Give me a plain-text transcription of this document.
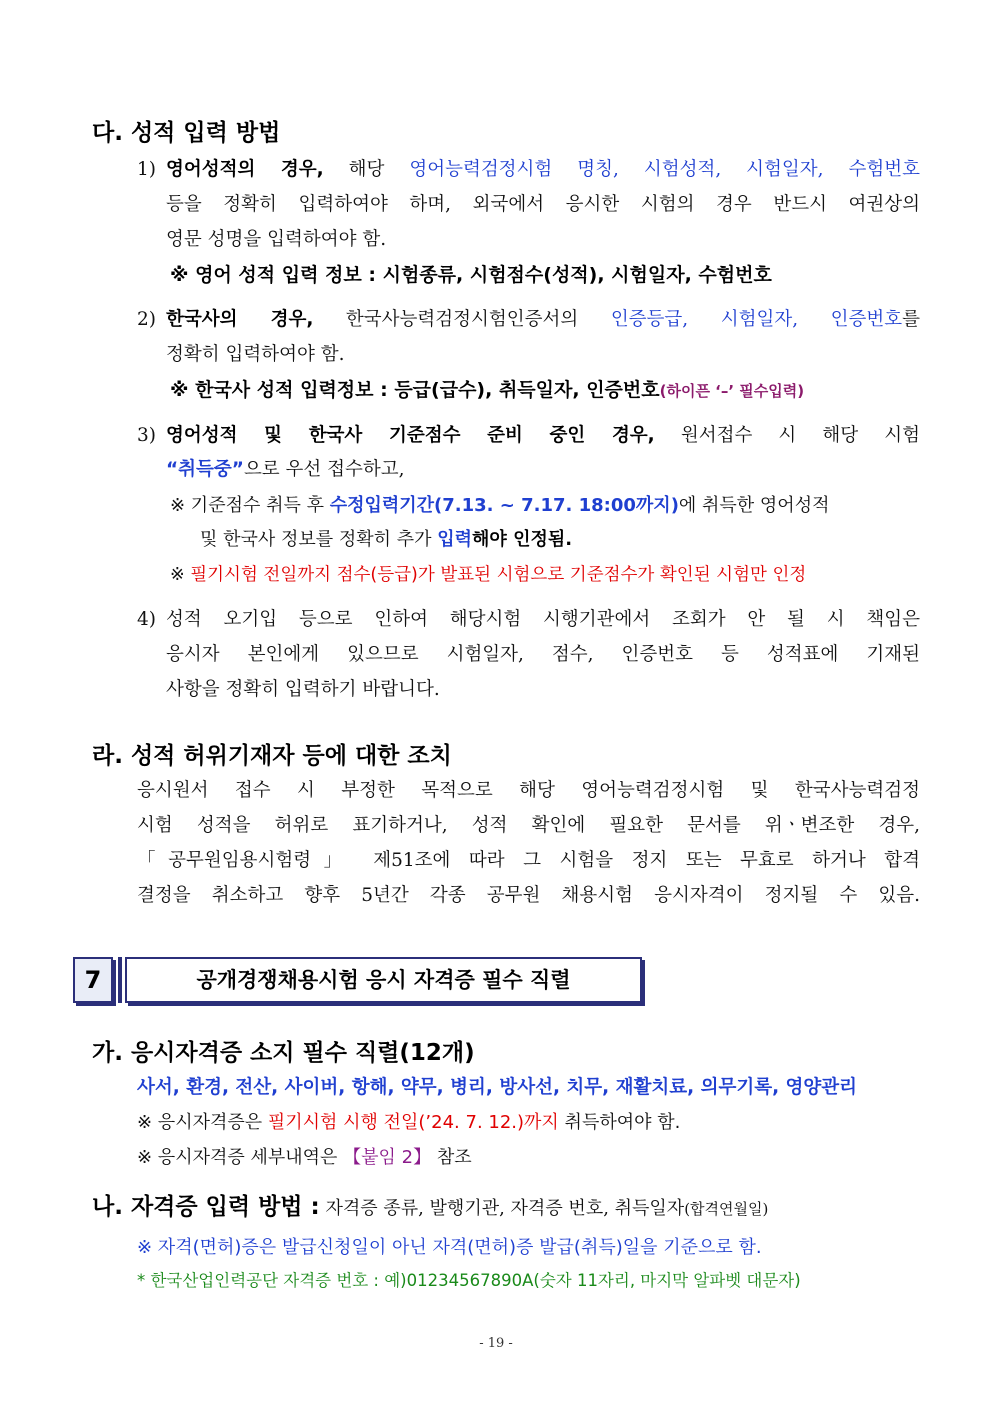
다. 성적 입력 방법
1) 영어성적의 경우, 해당 영어능력검정시험 명칭, 시험성적, 시험일자, 수험번호
등을 정확히 입력하여야 하며, 외국에서 응시한 시험의 경우 반드시 여권상의
영문 성명을 입력하여야 함.
※ 영어 성적 입력 정보 : 시험종류, 시험점수(성적), 시험일자, 수험번호
2) 한국사의 경우, 한국사능력검정시험인증서의 인증등급, 시험일자, 인증번호를
정확히 입력하여야 함.
※ 한국사 성적 입력정보 : 등급(급수), 취득일자, 인증번호(하이픈 ‘–’ 필수입력)
3) 영어성적 및 한국사 기준점수 준비 중인 경우, 원서접수 시 해당 시험
“취득중”으로 우선 접수하고,
※ 기준점수 취득 후 수정입력기간(7.13. ~ 7.17. 18:00까지)에 취득한 영어성적
및 한국사 정보를 정확히 추가 입력해야 인정됨.
※ 필기시험 전일까지 점수(등급)가 발표된 시험으로 기준점수가 확인된 시험만 인정
4) 성적 오기입 등으로 인하여 해당시험 시행기관에서 조회가 안 될 시 책임은
응시자 본인에게 있으므로 시험일자, 점수, 인증번호 등 성적표에 기재된
사항을 정확히 입력하기 바랍니다.
라. 성적 허위기재자 등에 대한 조치
응시원서 접수 시 부정한 목적으로 해당 영어능력검정시험 및 한국사능력검정
시험 성적을 허위로 표기하거나, 성적 확인에 필요한 문서를 위ㆍ변조한 경우,
「공무원임용시험령」 제51조에 따라 그 시험을 정지 또는 무효로 하거나 합격
결정을 취소하고 향후 5년간 각종 공무원 채용시험 응시자격이 정지될 수 있음.
7	공개경쟁채용시험 응시 자격증 필수 직렬
가. 응시자격증 소지 필수 직렬(12개)
사서, 환경, 전산, 사이버, 항해, 약무, 병리, 방사선, 치무, 재활치료, 의무기록, 영양관리
※ 응시자격증은 필기시험 시행 전일(’24. 7. 12.)까지 취득하여야 함.
※ 응시자격증 세부내역은 【붙임 2】 참조
나. 자격증 입력 방법 : 자격증 종류, 발행기관, 자격증 번호, 취득일자(합격연월일)
※ 자격(면허)증은 발급신청일이 아닌 자격(면허)증 발급(취득)일을 기준으로 함.
* 한국산업인력공단 자격증 번호 : 예)01234567890A(숫자 11자리, 마지막 알파벳 대문자)
- 19 -
